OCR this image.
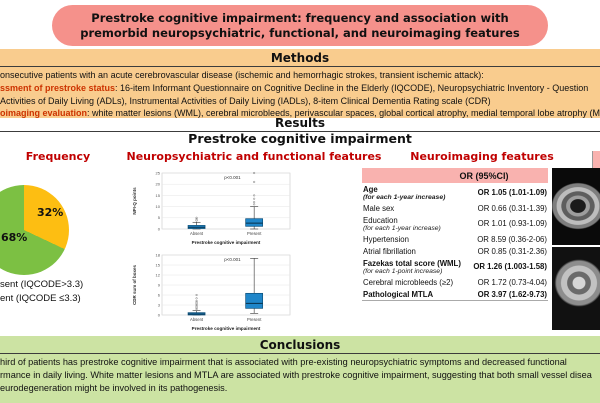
Prestroke cognitive impairment: frequency and association with
premorbid neuropsychiatric, functional, and neuroimaging features
Methods
onsecutive patients with an acute cerebrovascular disease (ischemic and hemorrhagic strokes, transient ischemic attack):
ssment of prestroke status: 16-item Informant Questionnaire on Cognitive Decline in the Elderly (IQCODE), Neuropsychiatric Inventory - Question
Activities of Daily Living (ADLs), Instrumental Activities of Daily Living (IADLs), 8-item Clinical Dementia Rating scale (CDR)
oimaging evaluation: white matter lesions (WML), cerebral microbleeds, perivascular spaces, global cortical atrophy, medial temporal lobe atrophy (M
Results
Prestroke cognitive impairment
Frequency	Neuropsychiatric and functional features	Neuroimaging features
32%
68%
sent (IQCODE>3.3)
ent (IQCODE ≤3.3)
0
5
10
15
20
25
Absent	Present
p<0.001
Prestroke cognitive impairment
NPI-Q points
0
3
6
9
12
15
18
Absent	Present
p<0.001
Prestroke cognitive impairment
CDR sum of boxes
OR (95%CI)
Age
(for each 1-year increase)	OR 1.05 (1.01-1.09)
Male sex	OR 0.66 (0.31-1.39)
Education
(for each 1-year increase)	OR 1.01 (0.93-1.09)
Hypertension	OR 8.59 (0.36-2-06)
Atrial fibrillation	OR 0.85 (0.31-2.36)
Fazekas total score (WML)
(for each 1-point increase)	OR 1.26 (1.003-1.58)
Cerebral microbleeds (≥2)	OR 1.72 (0.73-4.04)
Pathological MTLA	OR 3.97 (1.62-9.73)
Conclusions
hird of patients has prestroke cognitive impairment that is associated with pre-existing neuropsychiatric symptoms and decreased functional
rmance in daily living. White matter lesions and MTLA are associated with prestroke cognitive impairment, suggesting that both small vessel disea
eurodegeneration might be involved in its pathogenesis.
